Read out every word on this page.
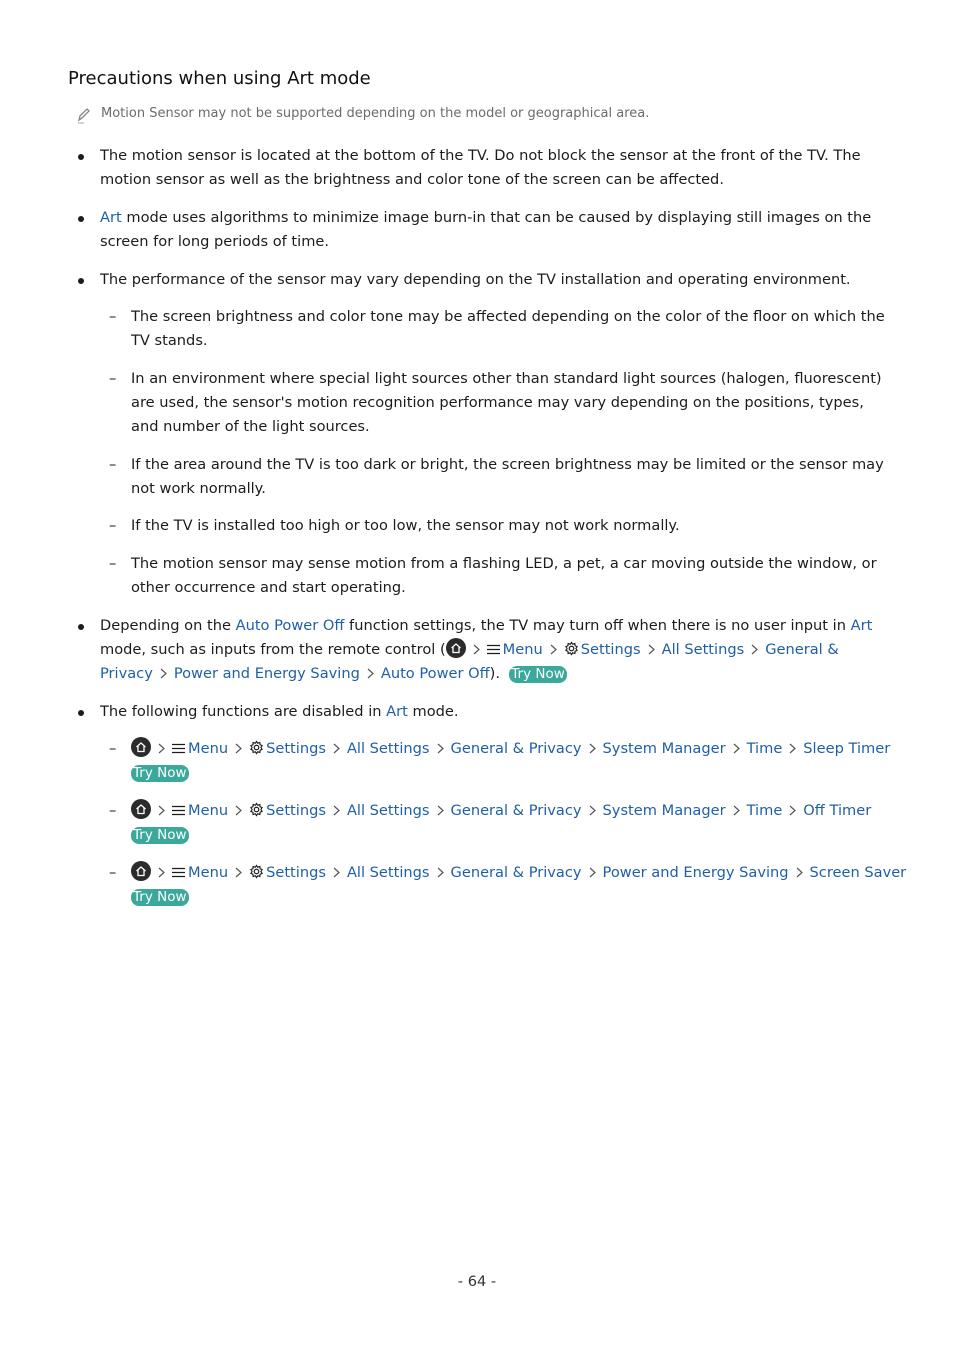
Precautions when using Art mode
Motion Sensor may not be supported depending on the model or geographical area.
The motion sensor is located at the bottom of the TV. Do not block the sensor at the front of the TV. The motion sensor as well as the brightness and color tone of the screen can be affected.
Art mode uses algorithms to minimize image burn-in that can be caused by displaying still images on the screen for long periods of time.
The performance of the sensor may vary depending on the TV installation and operating environment.
– The screen brightness and color tone may be affected depending on the color of the floor on which the TV stands.
– In an environment where special light sources other than standard light sources (halogen, fluorescent) are used, the sensor's motion recognition performance may vary depending on the positions, types, and number of the light sources.
– If the area around the TV is too dark or bright, the screen brightness may be limited or the sensor may not work normally.
– If the TV is installed too high or too low, the sensor may not work normally.
– The motion sensor may sense motion from a flashing LED, a pet, a car moving outside the window, or other occurrence and start operating.
Depending on the Auto Power Off function settings, the TV may turn off when there is no user input in Art mode, such as inputs from the remote control (	Menu	Settings All Settings General & Privacy Power and Energy Saving Auto Power Off). Try Now
The following functions are disabled in Art mode.
–	Menu	Settings All Settings General & Privacy System Manager Time Sleep Timer
Try Now
–	Menu	Settings All Settings General & Privacy System Manager Time Off Timer
Try Now
–	Menu	Settings All Settings General & Privacy Power and Energy Saving Screen Saver
Try Now
- 64 -
